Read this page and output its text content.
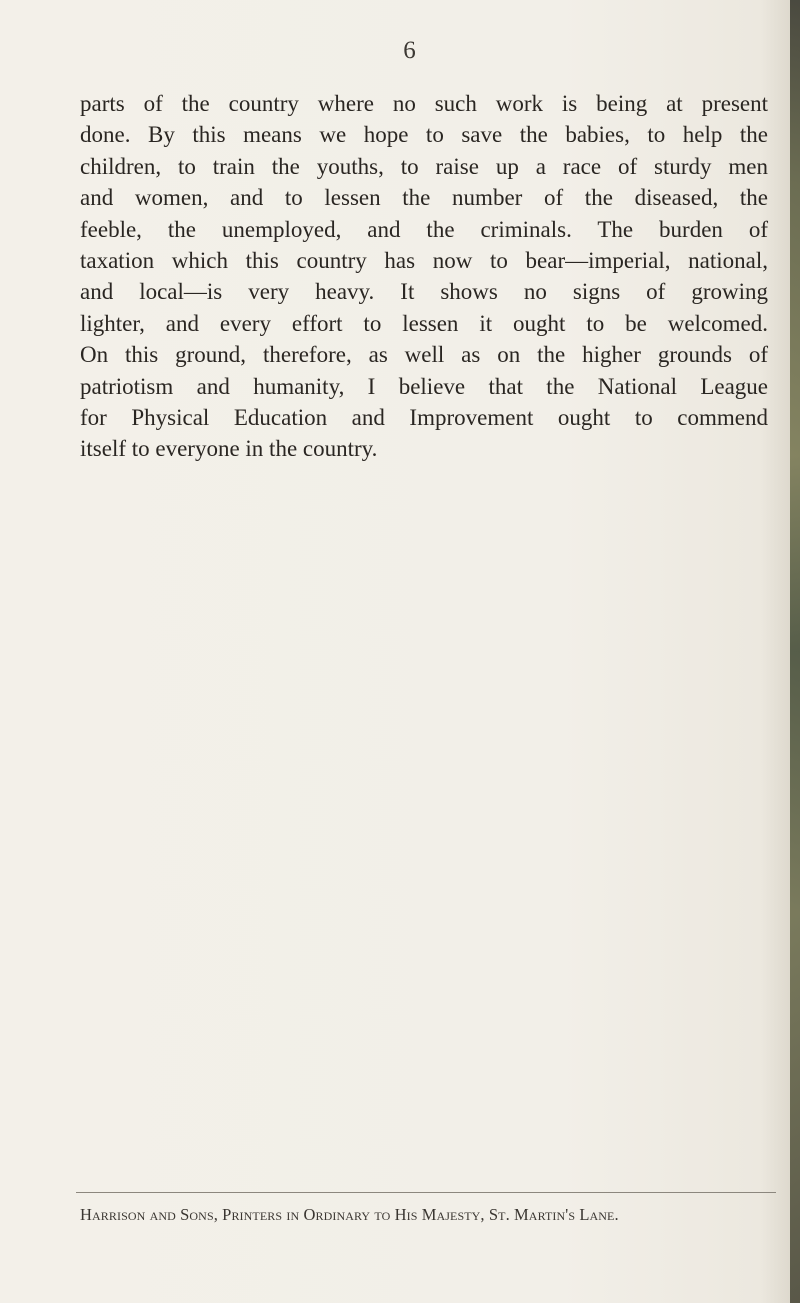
6

parts of the country where no such work is being at present
done. By this means we hope to save the babies, to help the
children, to train the youths, to raise up a race of sturdy men
and women, and to lessen the number of the diseased, the
feeble, the unemployed, and the criminals. The burden of
taxation which this country has now to bear—imperial, national,
and local—is very heavy. It shows no signs of growing
lighter, and every effort to lessen it ought to be welcomed.
On this ground, therefore, as well as on the higher grounds of
patriotism and humanity, I believe that the National League
for Physical Education and Improvement ought to commend
itself to everyone in the country.

Harrison and Sons, Printers in Ordinary to His Majesty, St. Martin's Lane.
